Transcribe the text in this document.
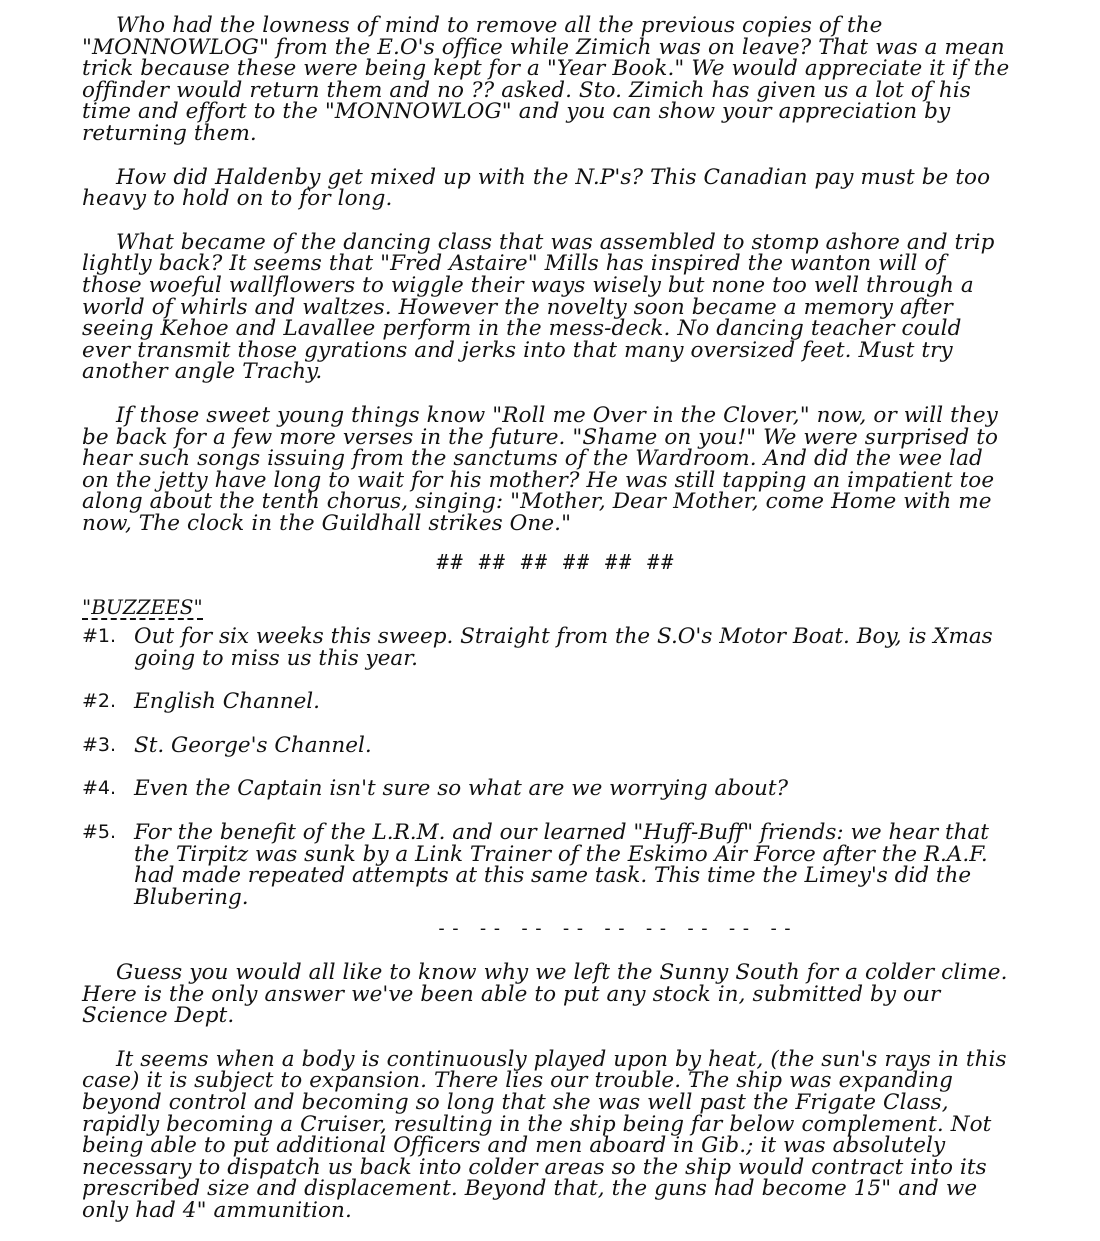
Who had the lowness of mind to remove all the previous copies of the "MONNOWLOG" from the E.O's office while Zimich was on leave? That was a mean trick because these were being kept for a "Year Book." We would appreciate it if the offinder would return them and no ?? asked. Sto. Zimich has given us a lot of his time and effort to the "MONNOWLOG" and you can show your appreciation by returning them.

How did Haldenby get mixed up with the N.P's? This Canadian pay must be too heavy to hold on to for long.

What became of the dancing class that was assembled to stomp ashore and trip lightly back? It seems that "Fred Astaire" Mills has inspired the wanton will of those woeful wallflowers to wiggle their ways wisely but none too well through a world of whirls and waltzes. However the novelty soon became a memory after seeing Kehoe and Lavallee perform in the mess-deck. No dancing teacher could ever transmit those gyrations and jerks into that many oversized feet. Must try another angle Trachy.

If those sweet young things know "Roll me Over in the Clover," now, or will they be back for a few more verses in the future. "Shame on you!" We were surprised to hear such songs issuing from the sanctums of the Wardroom. And did the wee lad on the jetty have long to wait for his mother? He was still tapping an impatient toe along about the tenth chorus, singing: "Mother, Dear Mother, come Home with me now, The clock in the Guildhall strikes One."

## ## ## ## ## ##

"BUZZEES"

#1. Out for six weeks this sweep. Straight from the S.O's Motor Boat. Boy, is Xmas going to miss us this year.
#2. English Channel.
#3. St. George's Channel.
#4. Even the Captain isn't sure so what are we worrying about?
#5. For the benefit of the L.R.M. and our learned "Huff-Buff" friends: we hear that the Tirpitz was sunk by a Link Trainer of the Eskimo Air Force after the R.A.F. had made repeated attempts at this same task. This time the Limey's did the Blubering.

-- -- -- -- -- -- -- -- --

Guess you would all like to know why we left the Sunny South for a colder clime. Here is the only answer we've been able to put any stock in, submitted by our Science Dept.

It seems when a body is continuously played upon by heat, (the sun's rays in this case) it is subject to expansion. There lies our trouble. The ship was expanding beyond control and becoming so long that she was well past the Frigate Class, rapidly becoming a Cruiser, resulting in the ship being far below complement. Not being able to put additional Officers and men aboard in Gib.; it was absolutely necessary to dispatch us back into colder areas so the ship would contract into its prescribed size and displacement. Beyond that, the guns had become 15" and we only had 4" ammunition.
